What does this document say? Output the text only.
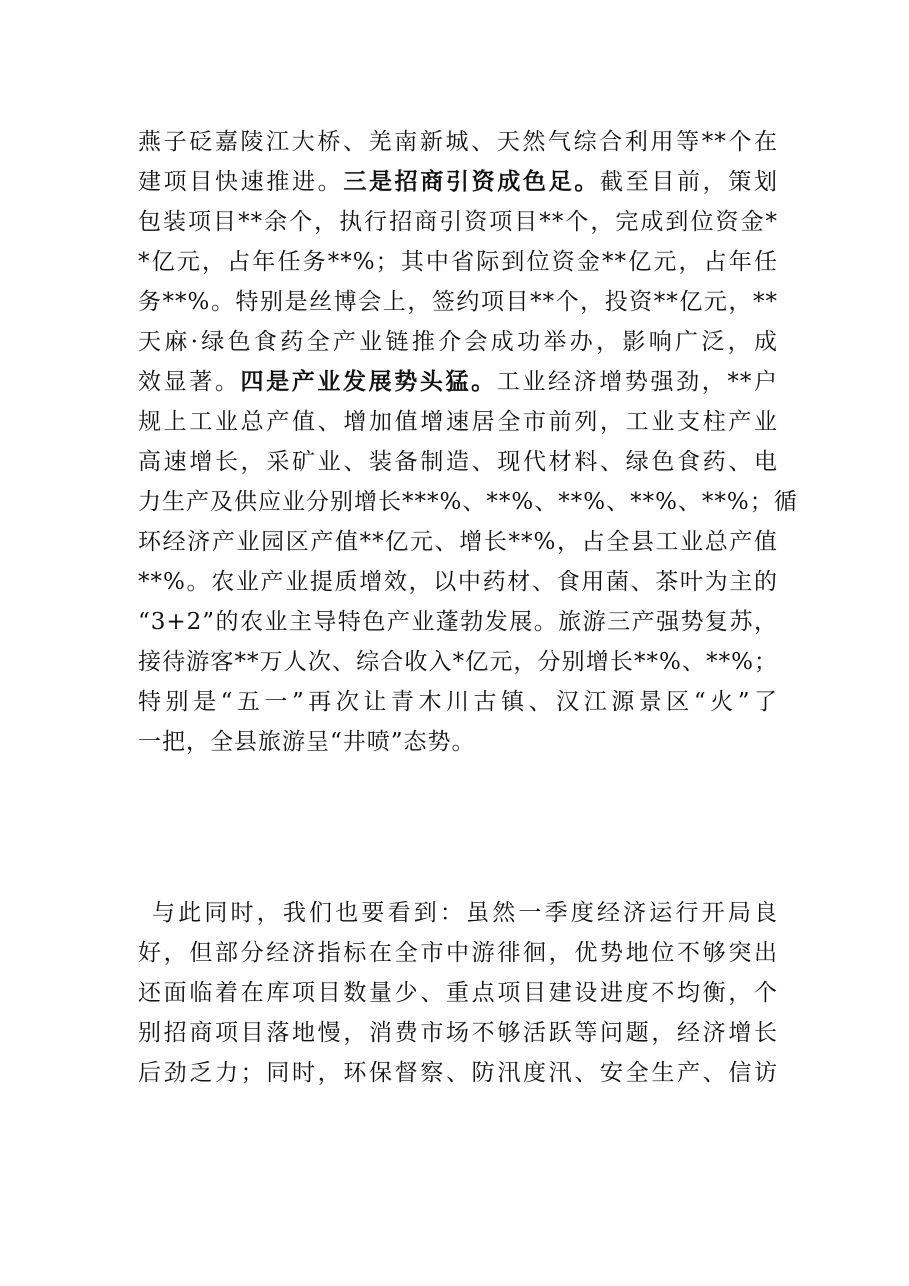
燕子砭嘉陵江大桥、羌南新城、天然气综合利用等**个在
建项目快速推进。三是招商引资成色足。截至目前，策划
包装项目**余个，执行招商引资项目**个，完成到位资金*
*亿元，占年任务**%；其中省际到位资金**亿元，占年任
务**%。特别是丝博会上，签约项目**个，投资**亿元，**
天麻·绿色食药全产业链推介会成功举办，影响广泛，成
效显著。四是产业发展势头猛。工业经济增势强劲，**户
规上工业总产值、增加值增速居全市前列，工业支柱产业
高速增长，采矿业、装备制造、现代材料、绿色食药、电
力生产及供应业分别增长***%、**%、**%、**%、**%；循
环经济产业园区产值**亿元、增长**%，占全县工业总产值
**%。农业产业提质增效，以中药材、食用菌、茶叶为主的
“3+2”的农业主导特色产业蓬勃发展。旅游三产强势复苏，
接待游客**万人次、综合收入*亿元，分别增长**%、**%；
特别是“五一”再次让青木川古镇、汉江源景区“火”了
一把，全县旅游呈“井喷”态势。
与此同时，我们也要看到：虽然一季度经济运行开局良
好，但部分经济指标在全市中游徘徊，优势地位不够突出
还面临着在库项目数量少、重点项目建设进度不均衡，个
别招商项目落地慢，消费市场不够活跃等问题，经济增长
后劲乏力；同时，环保督察、防汛度汛、安全生产、信访
